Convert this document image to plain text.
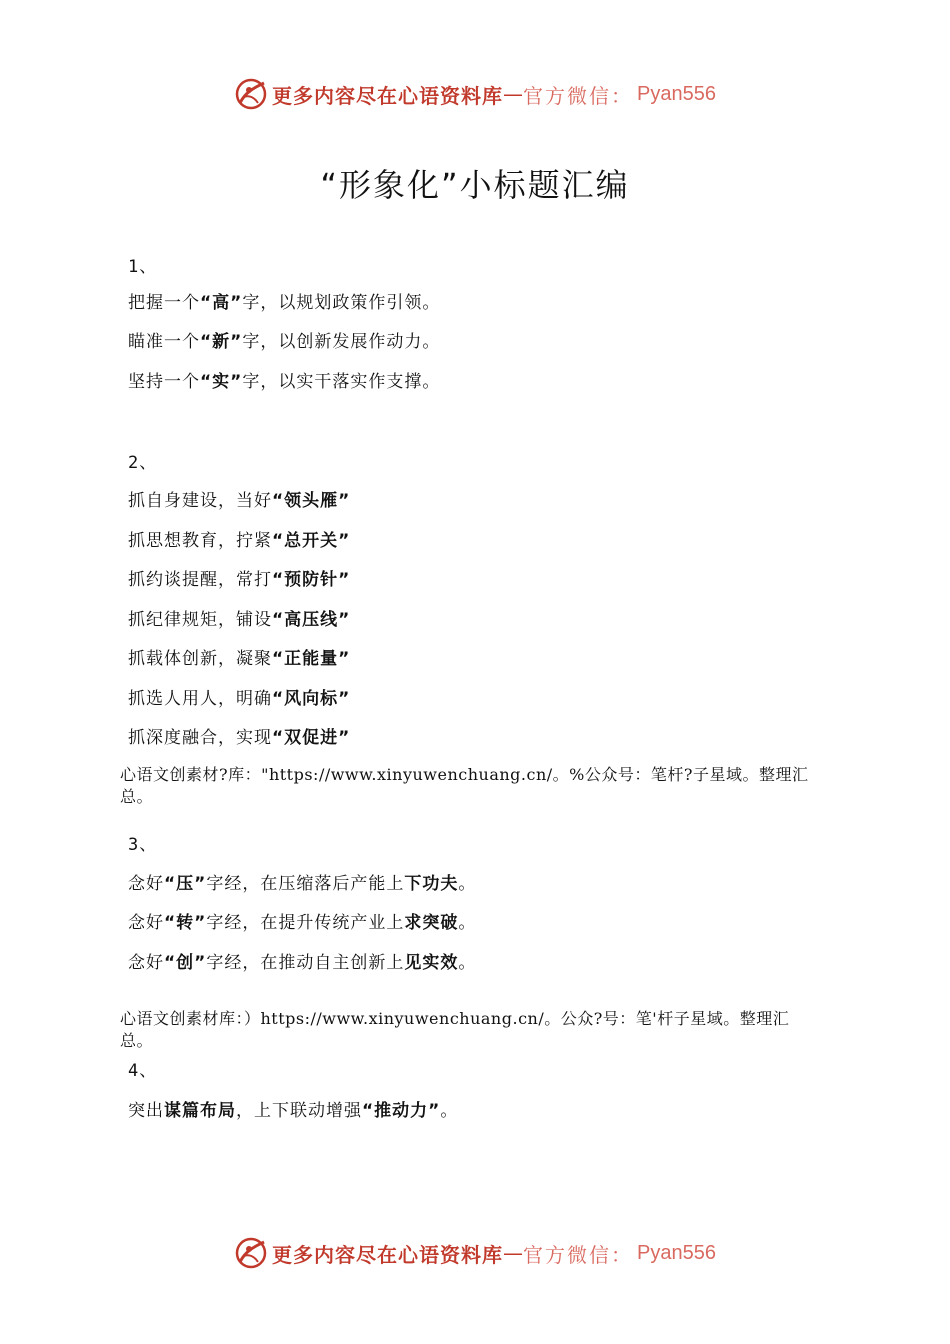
更多内容尽在心语资料库 — 官方微信： Pyan556
“形象化”小标题汇编
1、
把握一个“高”字，以规划政策作引领。
瞄准一个“新”字，以创新发展作动力。
坚持一个“实”字，以实干落实作支撑。
2、
抓自身建设，当好“领头雁”
抓思想教育，拧紧“总开关”
抓约谈提醒，常打“预防针”
抓纪律规矩，铺设“高压线”
抓载体创新，凝聚“正能量”
抓选人用人，明确“风向标”
抓深度融合，实现“双促进”
心语文创素材?库："https://www.xinyuwenchuang.cn/。%公众号：笔杆?子星域。整理汇总。
3、
念好“压”字经，在压缩落后产能上下功夫。
念好“转”字经，在提升传统产业上求突破。
念好“创”字经，在推动自主创新上见实效。
心语文创素材库：）https://www.xinyuwenchuang.cn/。公众?号：笔'杆子星域。整理汇总。
4、
突出谋篇布局，上下联动增强“推动力”。
更多内容尽在心语资料库 — 官方微信： Pyan556
